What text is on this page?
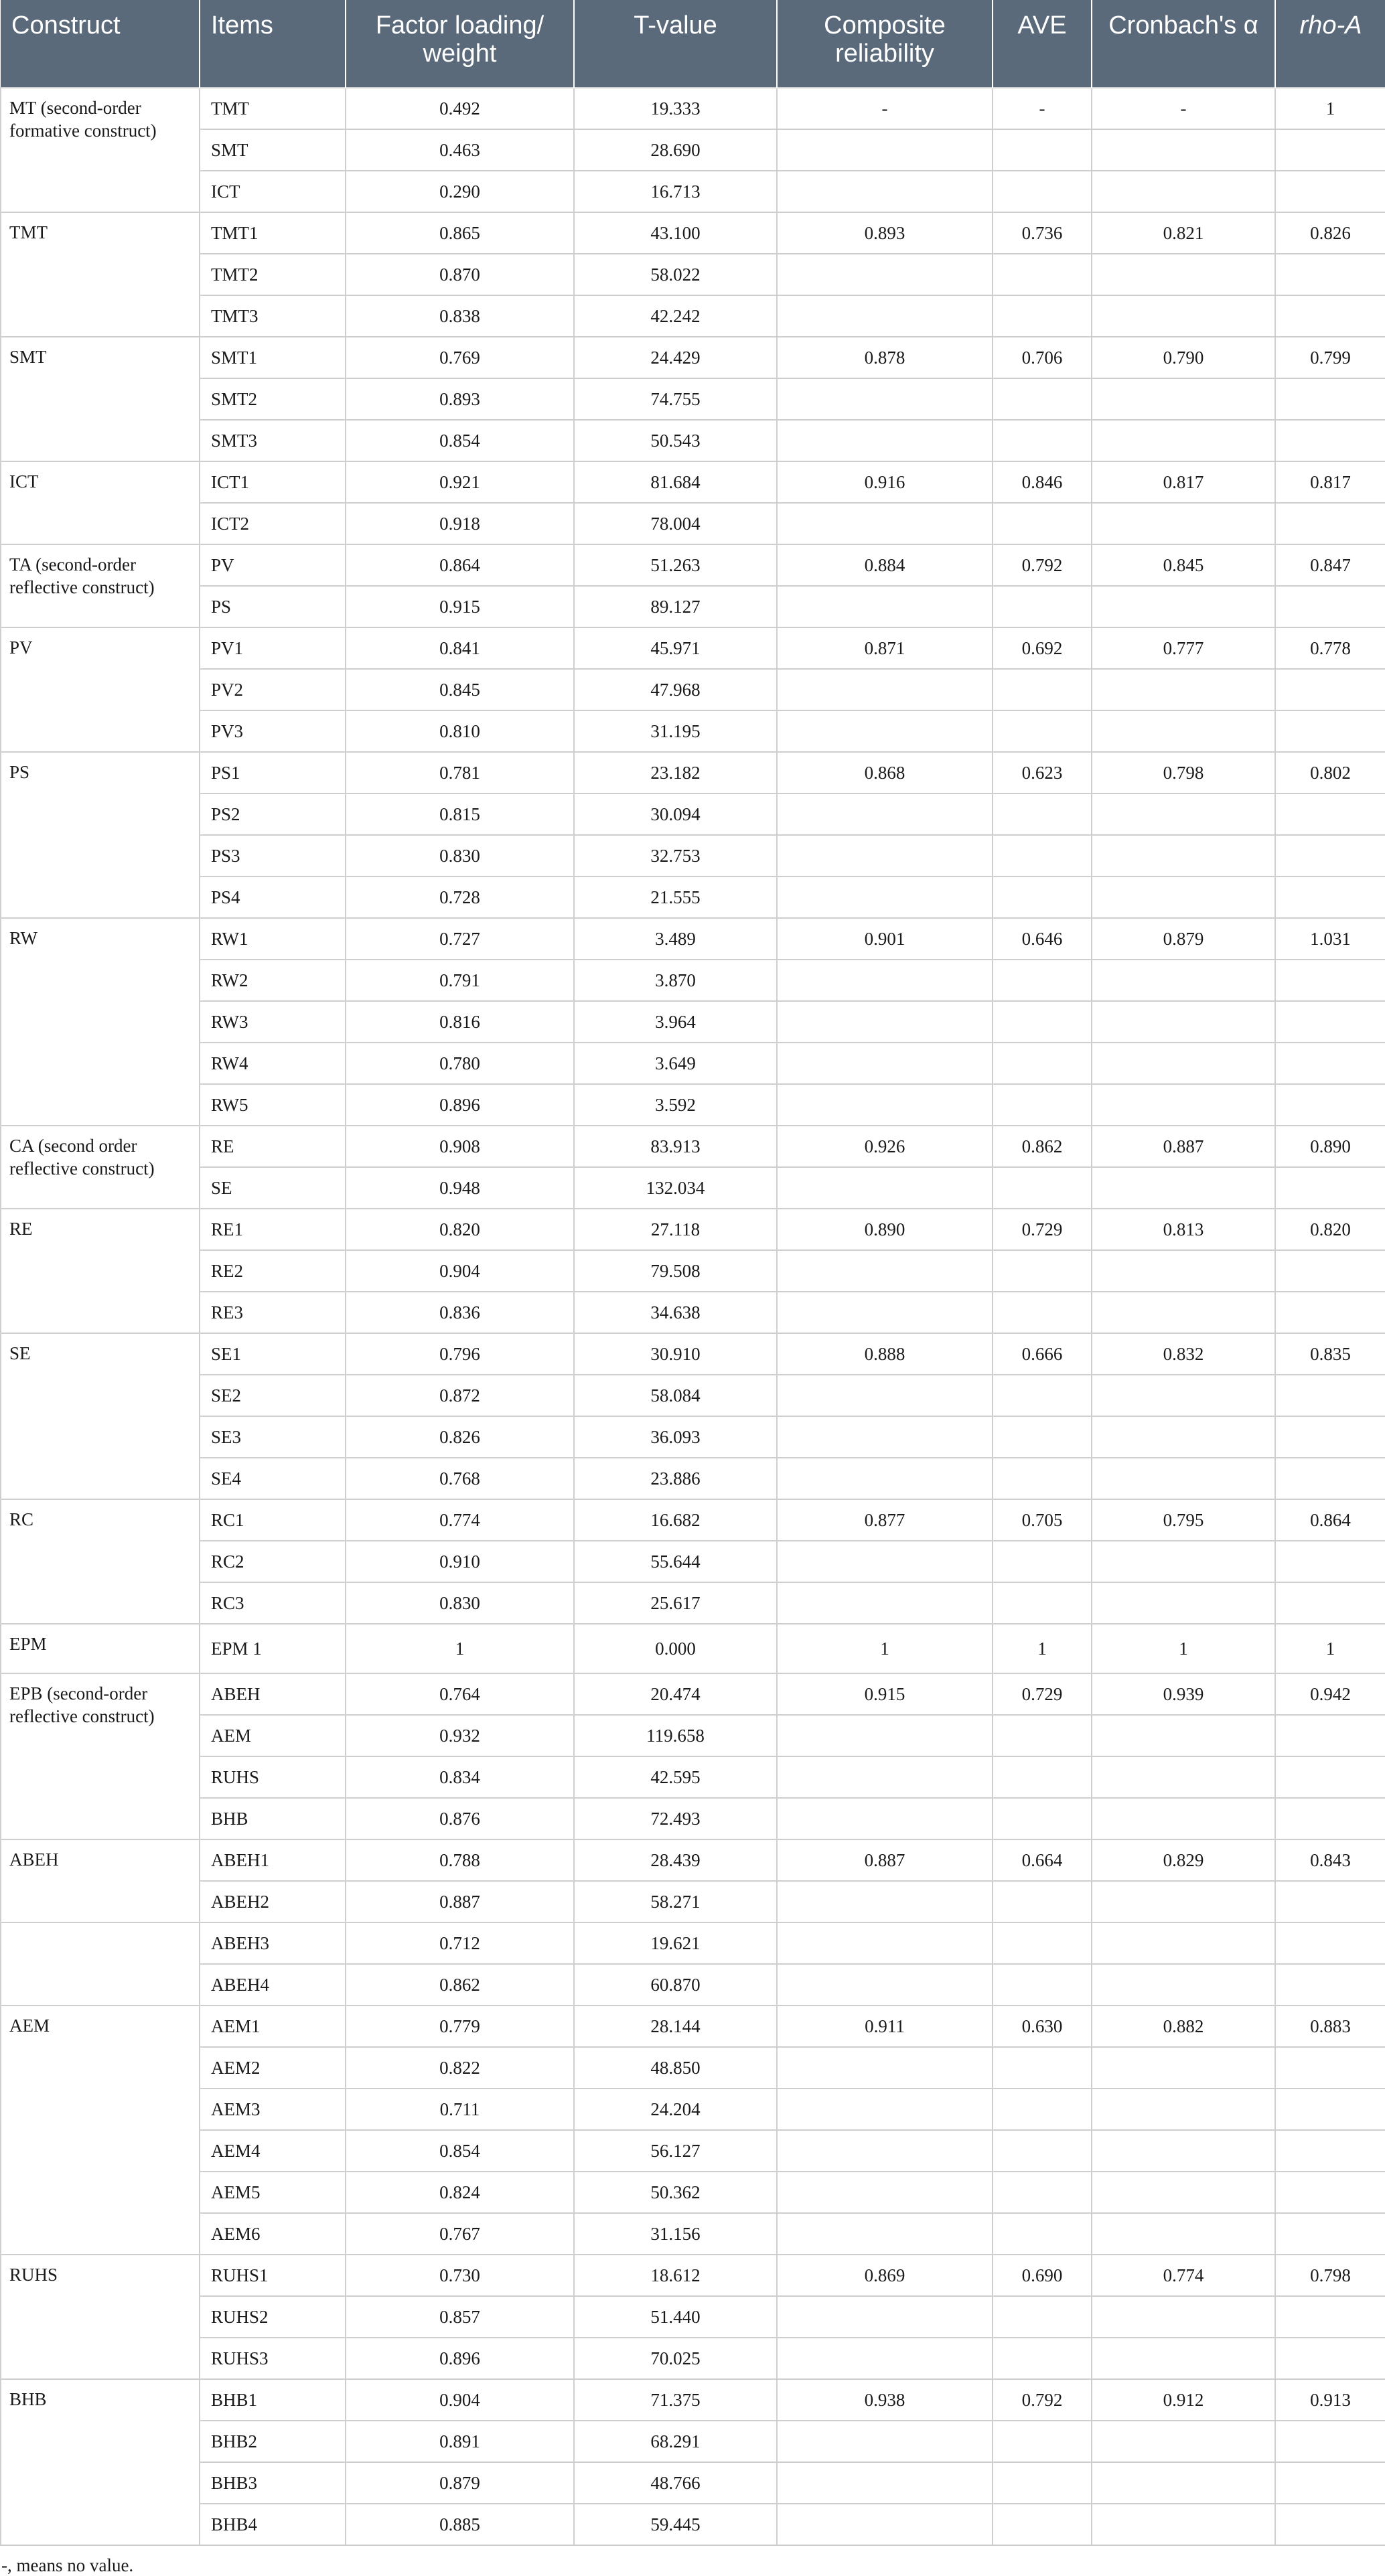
Construct	Items	Factor loading/ weight	T-value	Composite reliability	AVE	Cronbach's α	rho-A
MT (second-order formative construct)	TMT	0.492	19.333	-	-	-	1
	SMT	0.463	28.690				
	ICT	0.290	16.713				
TMT	TMT1	0.865	43.100	0.893	0.736	0.821	0.826
	TMT2	0.870	58.022				
	TMT3	0.838	42.242				
SMT	SMT1	0.769	24.429	0.878	0.706	0.790	0.799
	SMT2	0.893	74.755				
	SMT3	0.854	50.543				
ICT	ICT1	0.921	81.684	0.916	0.846	0.817	0.817
	ICT2	0.918	78.004				
TA (second-order reflective construct)	PV	0.864	51.263	0.884	0.792	0.845	0.847
	PS	0.915	89.127				
PV	PV1	0.841	45.971	0.871	0.692	0.777	0.778
	PV2	0.845	47.968				
	PV3	0.810	31.195				
PS	PS1	0.781	23.182	0.868	0.623	0.798	0.802
	PS2	0.815	30.094				
	PS3	0.830	32.753				
	PS4	0.728	21.555				
RW	RW1	0.727	3.489	0.901	0.646	0.879	1.031
	RW2	0.791	3.870				
	RW3	0.816	3.964				
	RW4	0.780	3.649				
	RW5	0.896	3.592				
CA (second order reflective construct)	RE	0.908	83.913	0.926	0.862	0.887	0.890
	SE	0.948	132.034				
RE	RE1	0.820	27.118	0.890	0.729	0.813	0.820
	RE2	0.904	79.508				
	RE3	0.836	34.638				
SE	SE1	0.796	30.910	0.888	0.666	0.832	0.835
	SE2	0.872	58.084				
	SE3	0.826	36.093				
	SE4	0.768	23.886				
RC	RC1	0.774	16.682	0.877	0.705	0.795	0.864
	RC2	0.910	55.644				
	RC3	0.830	25.617				
EPM	EPM 1	1	0.000	1	1	1	1
EPB (second-order reflective construct)	ABEH	0.764	20.474	0.915	0.729	0.939	0.942
	AEM	0.932	119.658				
	RUHS	0.834	42.595				
	BHB	0.876	72.493				
ABEH	ABEH1	0.788	28.439	0.887	0.664	0.829	0.843
	ABEH2	0.887	58.271				
	ABEH3	0.712	19.621				
	ABEH4	0.862	60.870				
AEM	AEM1	0.779	28.144	0.911	0.630	0.882	0.883
	AEM2	0.822	48.850				
	AEM3	0.711	24.204				
	AEM4	0.854	56.127				
	AEM5	0.824	50.362				
	AEM6	0.767	31.156				
RUHS	RUHS1	0.730	18.612	0.869	0.690	0.774	0.798
	RUHS2	0.857	51.440				
	RUHS3	0.896	70.025				
BHB	BHB1	0.904	71.375	0.938	0.792	0.912	0.913
	BHB2	0.891	68.291				
	BHB3	0.879	48.766				
	BHB4	0.885	59.445				
-, means no value.
